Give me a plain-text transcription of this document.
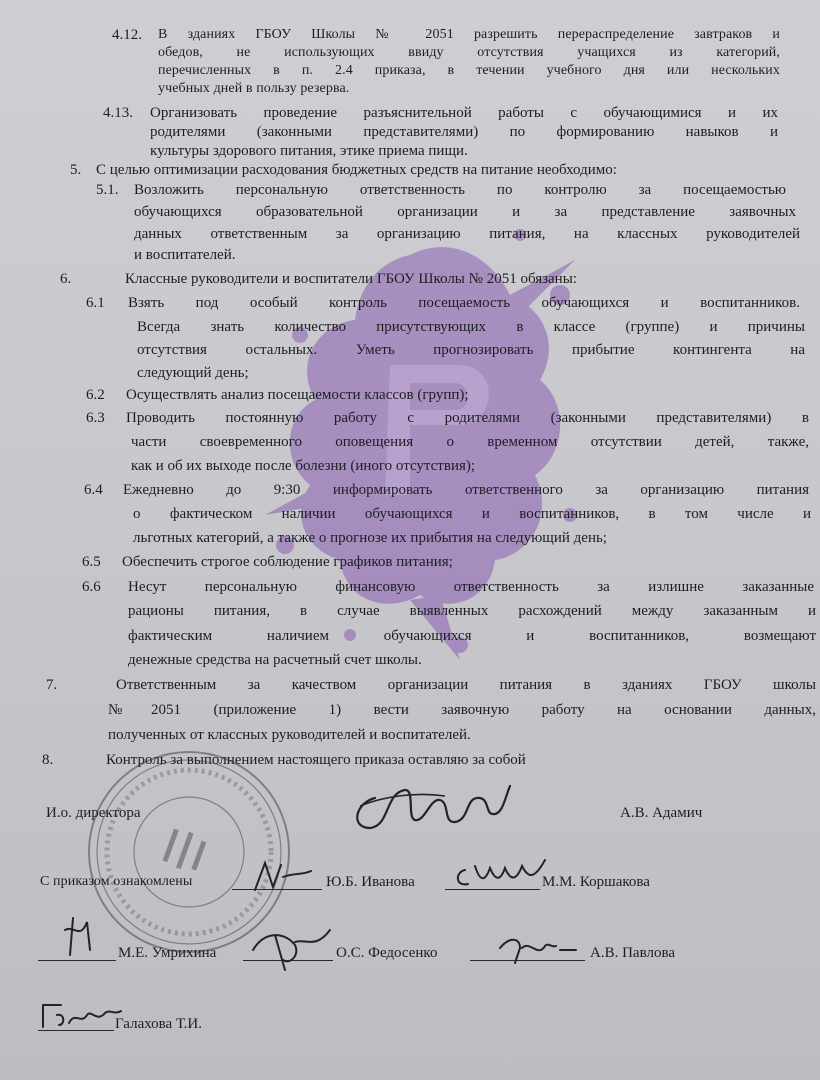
4.12. В зданиях ГБОУ Школы № 2051 разрешить перераспределение завтраков и
обедов, не использующих ввиду отсутствия учащихся из категорий,
перечисленных в п. 2.4 приказа, в течении учебного дня или нескольких
учебных дней в пользу резерва.
4.13. Организовать проведение разъяснительной работы с обучающимися и их
родителями (законными представителями) по формированию навыков и
культуры здорового питания, этике приема пищи.
5. С целью оптимизации расходования бюджетных средств на питание необходимо:
5.1. Возложить персональную ответственность по контролю за посещаемостью
обучающихся образовательной организации и за представление заявочных
данных ответственным за организацию питания, на классных руководителей
и воспитателей.
6.	Классные руководители и воспитатели ГБОУ Школы № 2051 обязаны:
6.1 Взять под особый контроль посещаемость обучающихся и воспитанников.
Всегда знать количество присутствующих в классе (группе) и причины
отсутствия остальных. Уметь прогнозировать прибытие контингента на
следующий день;
6.2 Осуществлять анализ посещаемости классов (групп);
6.3 Проводить постоянную работу с родителями (законными представителями) в
части своевременного оповещения о временном отсутствии детей, также,
как и об их выходе после болезни (иного отсутствия);
6.4 Ежедневно до 9:30 информировать ответственного за организацию питания
о фактическом наличии обучающихся и воспитанников, в том числе и
льготных категорий, а также о прогнозе их прибытия на следующий день;
6.5 Обеспечить строгое соблюдение графиков питания;
6.6 Несут персональную финансовую ответственность за излишне заказанные
рационы питания, в случае выявленных расхождений между заказанным и
фактическим наличием обучающихся и воспитанников, возмещают
денежные средства на расчетный счет школы.
7.	Ответственным за качеством организации питания в зданиях ГБОУ школы
№2051 (приложение 1) вести заявочную работу на основании данных,
полученных от классных руководителей и воспитателей.
8.	Контроль за выполнением настоящего приказа оставляю за собой
И.о. директора	А.В. Адамич
С приказом ознакомлены	Ю.Б. Иванова	М.М. Коршакова
М.Е. Умрихина	О.С. Федосенко	А.В. Павлова
Галахова Т.И.
